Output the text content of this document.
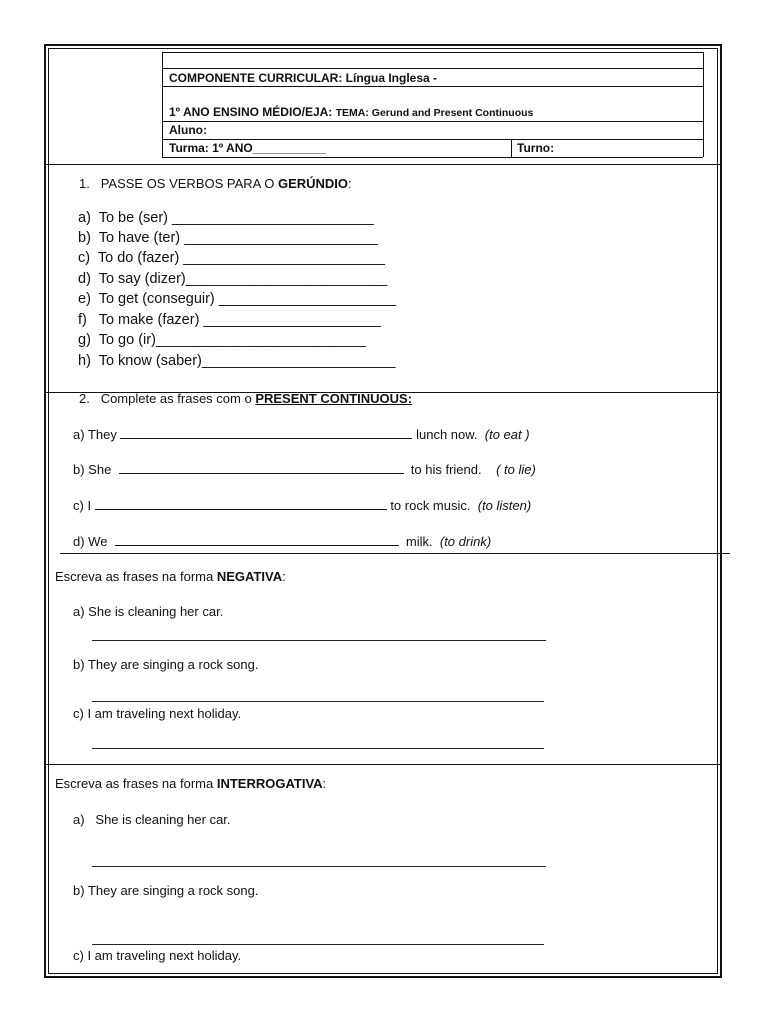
COMPONENTE CURRICULAR: Língua Inglesa -
1º ANO ENSINO MÉDIO/EJA: TEMA: Gerund and Present Continuous
Aluno:
Turma: 1º ANO___________	Turno:
1. PASSE OS VERBOS PARA O GERÚNDIO:
a) To be (ser) _________________________
b) To have (ter) ________________________
c) To do (fazer) _________________________
d) To say (dizer)_________________________
e) To get (conseguir) ______________________
f) To make (fazer) ______________________
g) To go (ir)__________________________
h) To know (saber)________________________
2. Complete as frases com o PRESENT CONTINUOUS:
a) They	lunch now. (to eat )
b) She	to his friend. ( to lie)
c) I	to rock music. (to listen)
d) We	milk. (to drink)
Escreva as frases na forma NEGATIVA:
a) She is cleaning her car.
b) They are singing a rock song.
c) I am traveling next holiday.
Escreva as frases na forma INTERROGATIVA:
a)   She is cleaning her car.
b) They are singing a rock song.
c) I am traveling next holiday.
